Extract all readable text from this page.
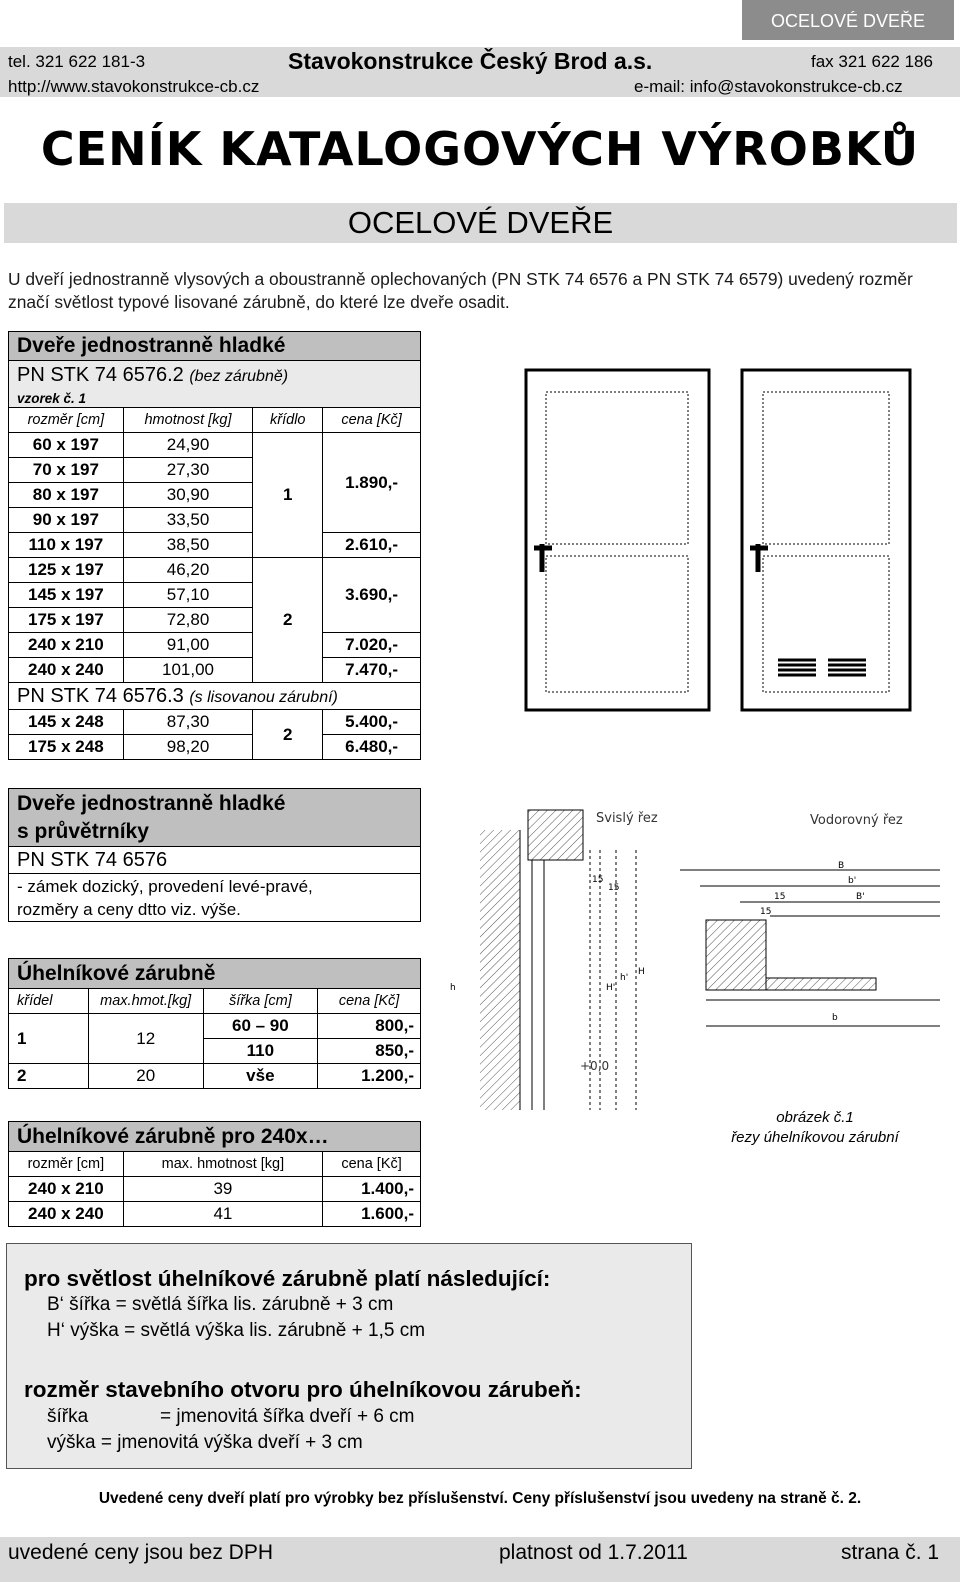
OCELOVÉ DVEŘE
tel. 321 622 181-3	Stavokonstrukce Český Brod a.s.	fax 321 622 186
http://www.stavokonstrukce-cb.cz	e-mail: info@stavokonstrukce-cb.cz
CENÍK KATALOGOVÝCH VÝROBKŮ
OCELOVÉ DVEŘE
U dveří jednostranně vlysových a oboustranně oplechovaných (PN STK 74 6576 a PN STK 74 6579) uvedený rozměr značí světlost typové lisované zárubně, do které lze dveře osadit.
Dveře jednostranně hladké			
PN STK 74 6576.2 (bez zárubně)			
vzorek č. 1			
rozměr [cm]	hmotnost [kg]	křídlo	cena [Kč]
60 x 197	24,90	1	1.890,-
70 x 197	27,30		
80 x 197	30,90		
90 x 197	33,50		
110 x 197	38,50		2.610,-
125 x 197	46,20	2	3.690,-
145 x 197	57,10		
175 x 197	72,80		
240 x 210	91,00		7.020,-
240 x 240	101,00		7.470,-
PN STK 74 6576.3 (s lisovanou zárubní)			
145 x 248	87,30	2	5.400,-
175 x 248	98,20		6.480,-
Dveře jednostranně hladké
s průvětrníky
PN STK 74 6576
- zámek dozický, provedení levé-pravé,
rozměry a ceny dtto viz. výše.
Úhelníkové zárubně			
křídel	max.hmot.[kg]	šířka [cm]	cena [Kč]
1	12	60 – 90	800,-
		110	850,-
2	20	vše	1.200,-
Úhelníkové zárubně pro 240x…		
rozměr [cm]	max. hmotnost [kg]	cena [Kč]
240 x 210	39	1.400,-
240 x 240	41	1.600,-
Svislý řez
15
15
h	H'
h'
H
+0,0
Vodorovný řez
B
b'
B'
15
15
b
obrázek č.1
řezy úhelníkovou zárubní
pro světlost úhelníkové zárubně platí následující:
B‘ šířka = světlá šířka lis. zárubně + 3 cm
H‘ výška = světlá výška lis. zárubně + 1,5 cm
rozměr stavebního otvoru pro úhelníkovou zárubeň:
šířka	= jmenovitá šířka dveří + 6 cm
výška = jmenovitá výška dveří + 3 cm
Uvedené ceny dveří platí pro výrobky bez příslušenství. Ceny příslušenství jsou uvedeny na straně č. 2.
uvedené ceny jsou bez DPH	platnost od 1.7.2011	strana č. 1
